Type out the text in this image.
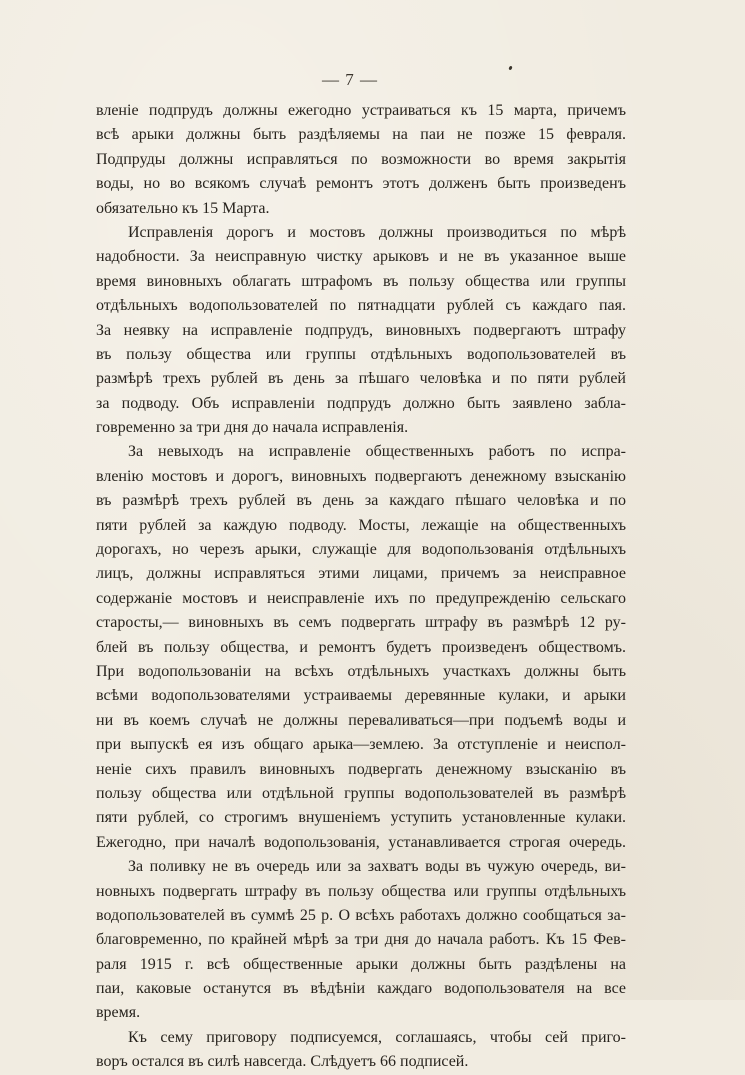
— 7 —
вленіе подпрудъ должны ежегодно устраиваться къ 15 марта, причемъ
всѣ арыки должны быть раздѣляемы на паи не позже 15 февраля.
Подпруды должны исправляться по возможности во время закрытія
воды, но во всякомъ случаѣ ремонтъ этотъ долженъ быть произведенъ
обязательно къ 15 Марта.
Исправленія дорогъ и мостовъ должны производиться по мѣрѣ
надобности. За неисправную чистку арыковъ и не въ указанное выше
время виновныхъ облагать штрафомъ въ пользу общества или группы
отдѣльныхъ водопользователей по пятнадцати рублей съ каждаго пая.
За неявку на исправленіе подпрудъ, виновныхъ подвергаютъ штрафу
въ пользу общества или группы отдѣльныхъ водопользователей въ
размѣрѣ трехъ рублей въ день за пѣшаго человѣка и по пяти рублей
за подводу. Объ исправленіи подпрудъ должно быть заявлено забла-
говременно за три дня до начала исправленія.
За невыходъ на исправленіе общественныхъ работъ по испра-
вленію мостовъ и дорогъ, виновныхъ подвергаютъ денежному взысканію
въ размѣрѣ трехъ рублей въ день за каждаго пѣшаго человѣка и по
пяти рублей за каждую подводу. Мосты, лежащіе на общественныхъ
дорогахъ, но черезъ арыки, служащіе для водопользованія отдѣльныхъ
лицъ, должны исправляться этими лицами, причемъ за неисправное
содержаніе мостовъ и неисправленіе ихъ по предупрежденію сельскаго
старосты,— виновныхъ въ семъ подвергать штрафу въ размѣрѣ 12 ру-
блей въ пользу общества, и ремонтъ будетъ произведенъ обществомъ.
При водопользованіи на всѣхъ отдѣльныхъ участкахъ должны быть
всѣми водопользователями устраиваемы деревянные кулаки, и арыки
ни въ коемъ случаѣ не должны переваливаться—при подъемѣ воды и
при выпускѣ ея изъ общаго арыка—землею. За отступленіе и неиспол-
неніе сихъ правилъ виновныхъ подвергать денежному взысканію въ
пользу общества или отдѣльной группы водопользователей въ размѣрѣ
пяти рублей, со строгимъ внушеніемъ уступить установленные кулаки.
Ежегодно, при началѣ водопользованія, устанавливается строгая очередь.
За поливку не въ очередь или за захватъ воды въ чужую очередь, ви-
новныхъ подвергать штрафу въ пользу общества или группы отдѣльныхъ
водопользователей въ суммѣ 25 р. О всѣхъ работахъ должно сообщаться за-
благовременно, по крайней мѣрѣ за три дня до начала работъ. Къ 15 Фев-
раля 1915 г. всѣ общественные арыки должны быть раздѣлены на
паи, каковые останутся въ вѣдѣніи каждаго водопользователя на все
время.
Къ сему приговору подписуемся, соглашаясь, чтобы сей приго-
воръ остался въ силѣ навсегда. Слѣдуетъ 66 подписей.
